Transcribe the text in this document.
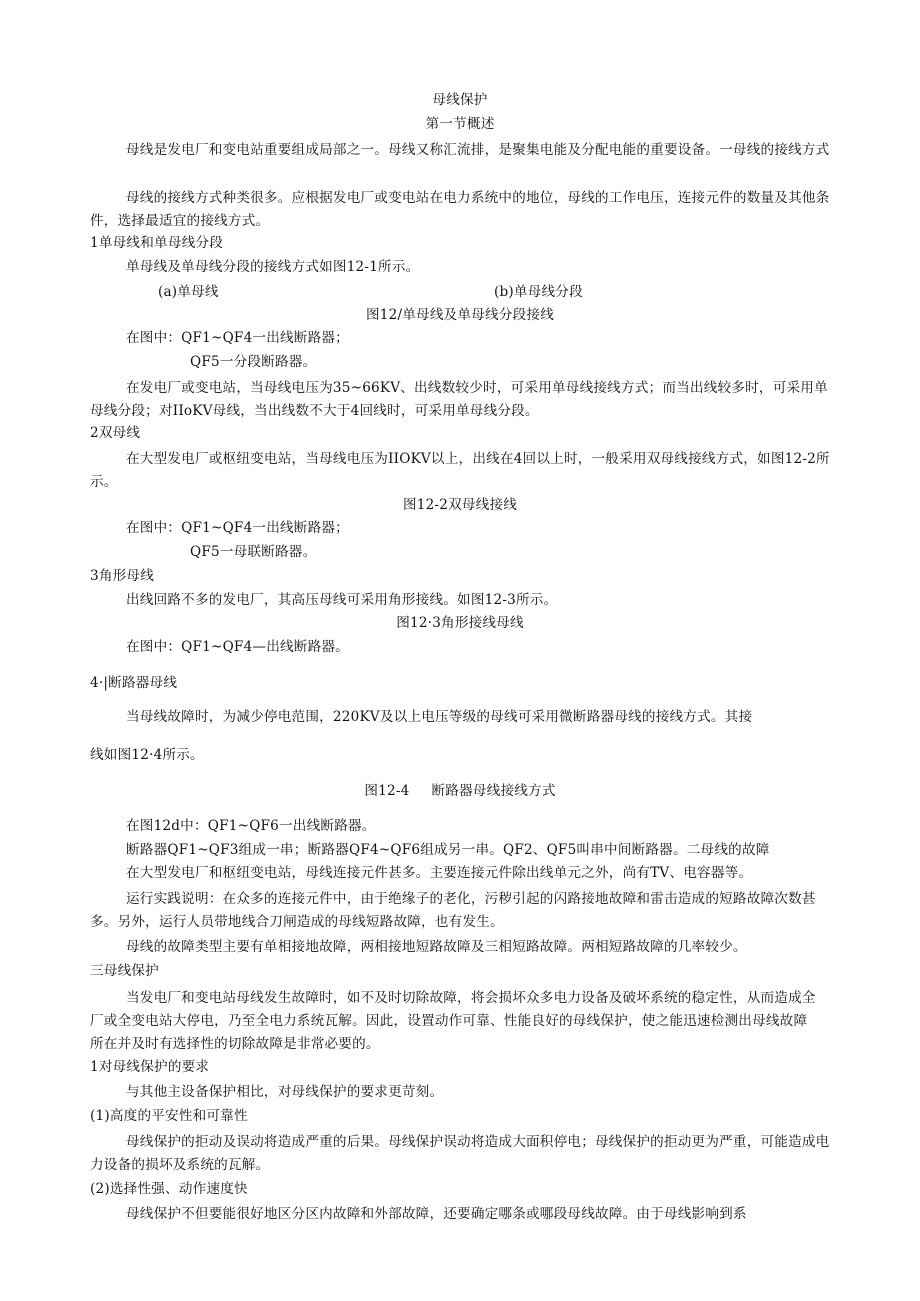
母线保护
第一节概述
母线是发电厂和变电站重要组成局部之一。母线又称汇流排，是聚集电能及分配电能的重要设备。一母线的接线方式
母线的接线方式种类很多。应根据发电厂或变电站在电力系统中的地位，母线的工作电压，连接元件的数量及其他条件，选择最适宜的接线方式。
1单母线和单母线分段
单母线及单母线分段的接线方式如图12-1所示。
(a)单母线	(b)单母线分段
图12/单母线及单母线分段接线
在图中：QF1~QF4一出线断路器；
QF5一分段断路器。
在发电厂或变电站，当母线电压为35~66KV、出线数较少时，可采用单母线接线方式；而当出线较多时，可采用单母线分段；对IIoKV母线，当出线数不大于4回线时，可采用单母线分段。
2双母线
在大型发电厂或枢纽变电站，当母线电压为IIOKV以上，出线在4回以上时，一般采用双母线接线方式，如图12-2所示。
图12-2双母线接线
在图中：QF1~QF4一出线断路器；
QF5一母联断路器。
3角形母线
出线回路不多的发电厂，其高压母线可采用角形接线。如图12-3所示。
图12·3角形接线母线
在图中：QF1~QF4—出线断路器。
4·|断路器母线
当母线故障时，为减少停电范围，220KV及以上电压等级的母线可采用微断路器母线的接线方式。其接
线如图12·4所示。
图12-4 断路器母线接线方式
在图12d中：QF1~QF6一出线断路器。
断路器QF1~QF3组成一串；断路器QF4~QF6组成另一串。QF2、QF5叫串中间断路器。二母线的故障
在大型发电厂和枢纽变电站，母线连接元件甚多。主要连接元件除出线单元之外，尚有TV、电容器等。
运行实践说明：在众多的连接元件中，由于绝缘子的老化，污秽引起的闪路接地故障和雷击造成的短路故障次数甚多。另外，运行人员带地线合刀闸造成的母线短路故障，也有发生。
母线的故障类型主要有单相接地故障，两相接地短路故障及三相短路故障。两相短路故障的几率较少。
三母线保护
当发电厂和变电站母线发生故障时，如不及时切除故障，将会损坏众多电力设备及破坏系统的稳定性，从而造成全厂或全变电站大停电，乃至全电力系统瓦解。因此，设置动作可靠、性能良好的母线保护，使之能迅速检测出母线故障所在并及时有选择性的切除故障是非常必要的。
1对母线保护的要求
与其他主设备保护相比，对母线保护的要求更苛刻。
(1)高度的平安性和可靠性
母线保护的拒动及误动将造成严重的后果。母线保护误动将造成大面积停电；母线保护的拒动更为严重，可能造成电力设备的损坏及系统的瓦解。
(2)选择性强、动作速度快
母线保护不但要能很好地区分区内故障和外部故障，还要确定哪条或哪段母线故障。由于母线影响到系
